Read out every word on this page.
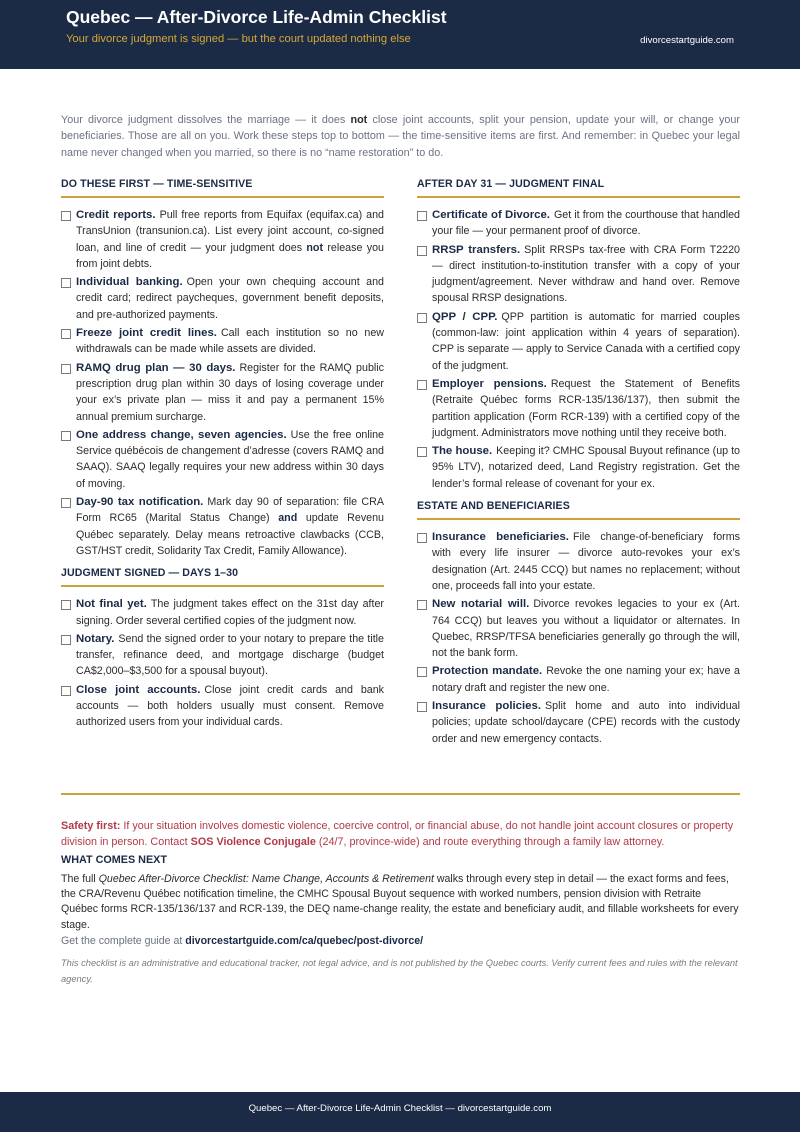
Quebec — After-Divorce Life-Admin Checklist
Your divorce judgment is signed — but the court updated nothing else	divorcestartguide.com
Your divorce judgment dissolves the marriage — it does not close joint accounts, split your pension, update your will, or change your beneficiaries. Those are all on you. Work these steps top to bottom — the time-sensitive items are first. And remember: in Quebec your legal name never changed when you married, so there is no “name restoration” to do.
DO THESE FIRST — TIME-SENSITIVE
Credit reports. Pull free reports from Equifax (equifax.ca) and TransUnion (transunion.ca). List every joint account, co-signed loan, and line of credit — your judgment does not release you from joint debts.
Individual banking. Open your own chequing account and credit card; redirect paycheques, government benefit deposits, and pre-authorized payments.
Freeze joint credit lines. Call each institution so no new withdrawals can be made while assets are divided.
RAMQ drug plan — 30 days. Register for the RAMQ public prescription drug plan within 30 days of losing coverage under your ex’s private plan — miss it and pay a permanent 15% annual premium surcharge.
One address change, seven agencies. Use the free online Service québécois de changement d’adresse (covers RAMQ and SAAQ). SAAQ legally requires your new address within 30 days of moving.
Day-90 tax notification. Mark day 90 of separation: file CRA Form RC65 (Marital Status Change) and update Revenu Québec separately. Delay means retroactive clawbacks (CCB, GST/HST credit, Solidarity Tax Credit, Family Allowance).
JUDGMENT SIGNED — DAYS 1–30
Not final yet. The judgment takes effect on the 31st day after signing. Order several certified copies of the judgment now.
Notary. Send the signed order to your notary to prepare the title transfer, refinance deed, and mortgage discharge (budget CA$2,000–$3,500 for a spousal buyout).
Close joint accounts. Close joint credit cards and bank accounts — both holders usually must consent. Remove authorized users from your individual cards.
AFTER DAY 31 — JUDGMENT FINAL
Certificate of Divorce. Get it from the courthouse that handled your file — your permanent proof of divorce.
RRSP transfers. Split RRSPs tax-free with CRA Form T2220 — direct institution-to-institution transfer with a copy of your judgment/agreement. Never withdraw and hand over. Remove spousal RRSP designations.
QPP / CPP. QPP partition is automatic for married couples (common-law: joint application within 4 years of separation). CPP is separate — apply to Service Canada with a certified copy of the judgment.
Employer pensions. Request the Statement of Benefits (Retraite Québec forms RCR-135/136/137), then submit the partition application (Form RCR-139) with a certified copy of the judgment. Administrators move nothing until they receive both.
The house. Keeping it? CMHC Spousal Buyout refinance (up to 95% LTV), notarized deed, Land Registry registration. Get the lender’s formal release of covenant for your ex.
ESTATE AND BENEFICIARIES
Insurance beneficiaries. File change-of-beneficiary forms with every life insurer — divorce auto-revokes your ex’s designation (Art. 2445 CCQ) but names no replacement; without one, proceeds fall into your estate.
New notarial will. Divorce revokes legacies to your ex (Art. 764 CCQ) but leaves you without a liquidator or alternates. In Quebec, RRSP/TFSA beneficiaries generally go through the will, not the bank form.
Protection mandate. Revoke the one naming your ex; have a notary draft and register the new one.
Insurance policies. Split home and auto into individual policies; update school/daycare (CPE) records with the custody order and new emergency contacts.
Safety first: If your situation involves domestic violence, coercive control, or financial abuse, do not handle joint account closures or property division in person. Contact SOS Violence Conjugale (24/7, province-wide) and route everything through a family law attorney.
WHAT COMES NEXT
The full Quebec After-Divorce Checklist: Name Change, Accounts & Retirement walks through every step in detail — the exact forms and fees, the CRA/Revenu Québec notification timeline, the CMHC Spousal Buyout sequence with worked numbers, pension division with Retraite Québec forms RCR-135/136/137 and RCR-139, the DEQ name-change reality, the estate and beneficiary audit, and fillable worksheets for every stage.
Get the complete guide at divorcestartguide.com/ca/quebec/post-divorce/
This checklist is an administrative and educational tracker, not legal advice, and is not published by the Quebec courts. Verify current fees and rules with the relevant agency.
Quebec — After-Divorce Life-Admin Checklist — divorcestartguide.com
